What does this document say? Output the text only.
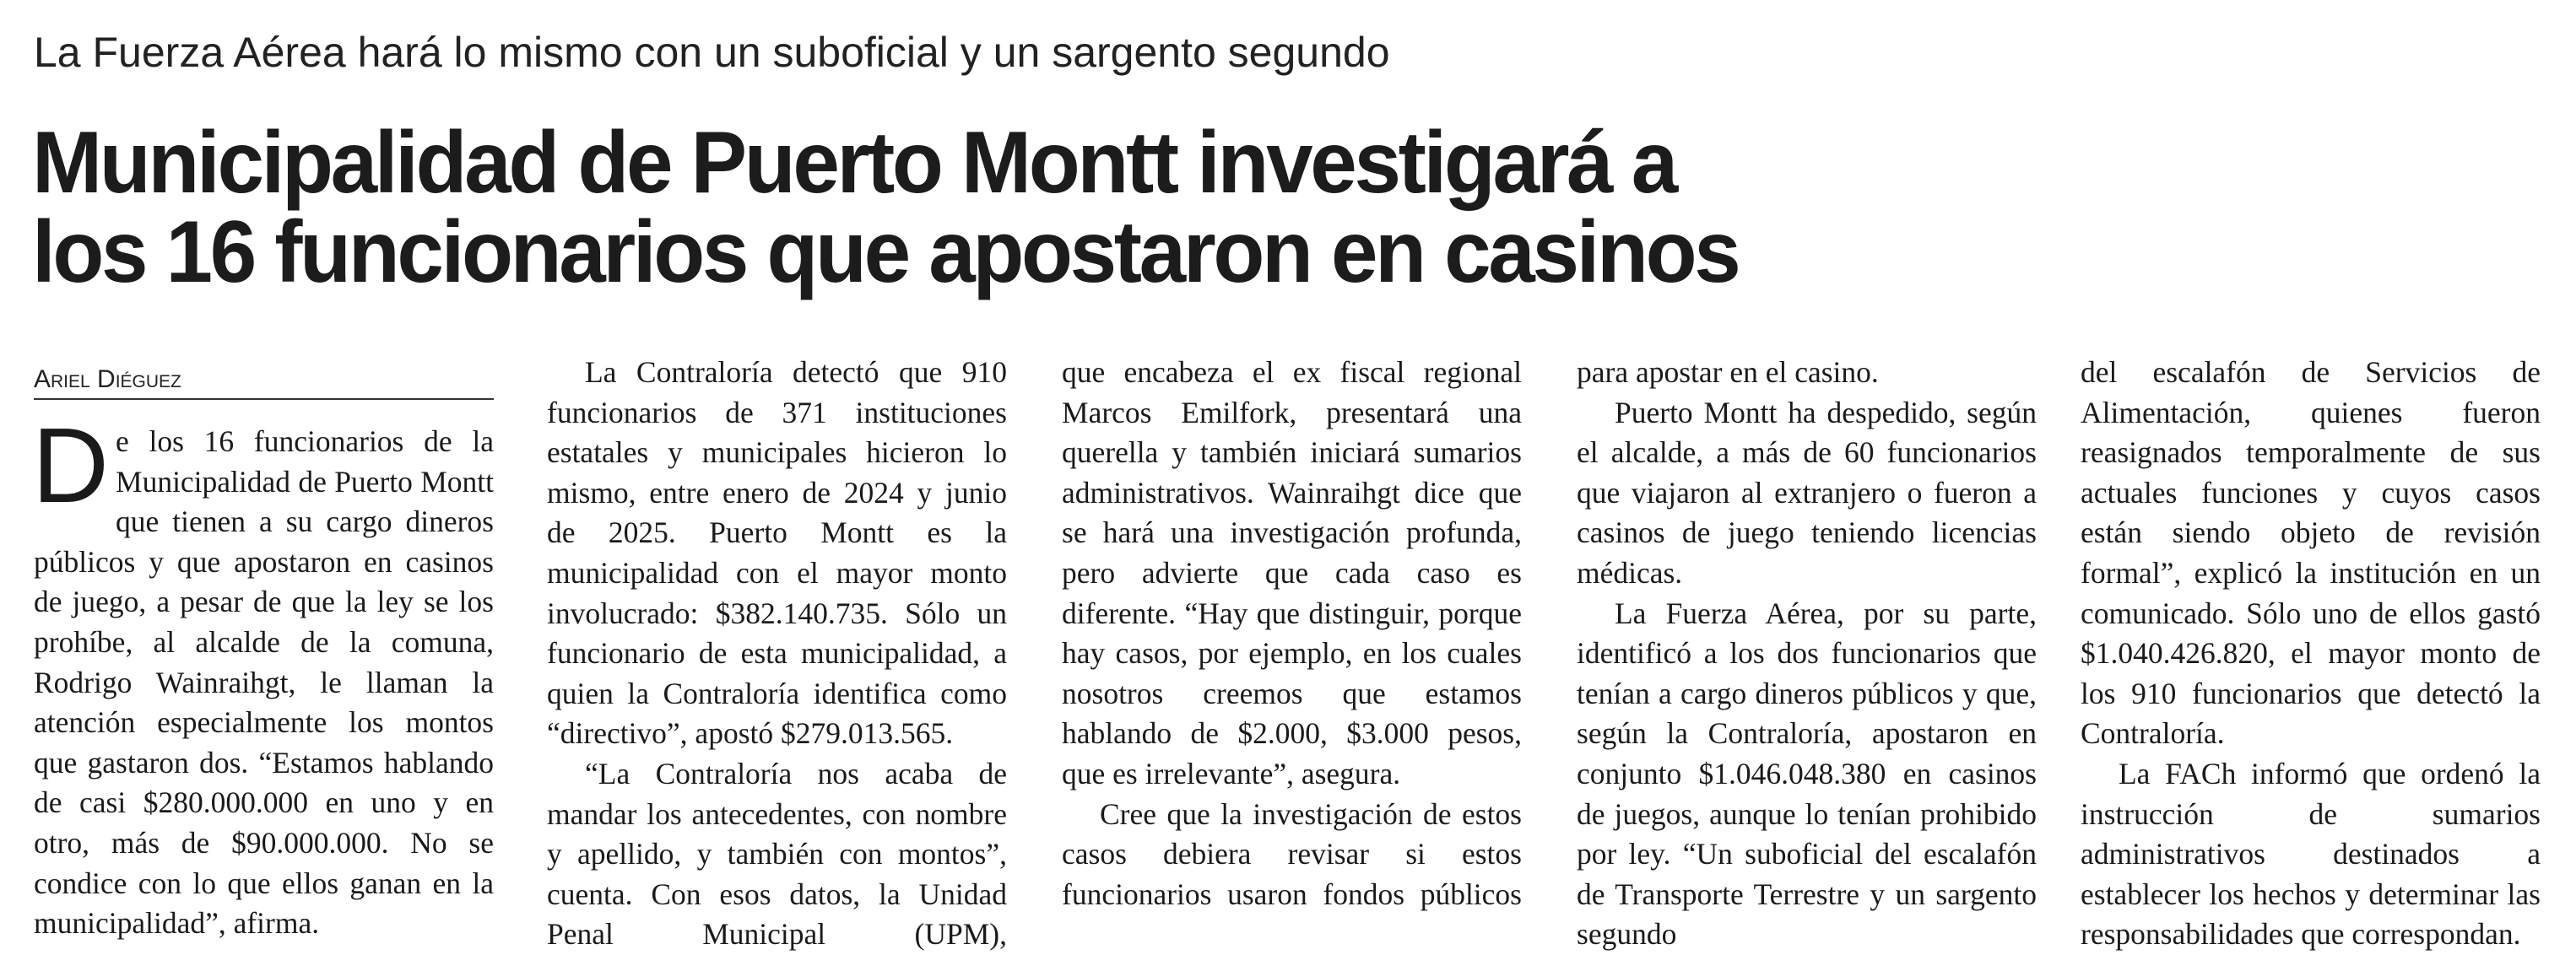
La Fuerza Aérea hará lo mismo con un suboficial y un sargento segundo
Municipalidad de Puerto Montt investigará a
los 16 funcionarios que apostaron en casinos
Ariel Diéguez

De los 16 funcionarios de la Municipalidad de Puerto Montt que tienen a su cargo dineros públicos y que apostaron en casinos de juego, a pesar de que la ley se los prohíbe, al alcalde de la comuna, Rodrigo Wainraihgt, le llaman la atención especialmente los montos que gastaron dos. “Estamos hablando de casi $280.000.000 en uno y en otro, más de $90.000.000. No se condice con lo que ellos ganan en la municipalidad”, afirma.

La Contraloría detectó que 910 funcionarios de 371 instituciones estatales y municipales hicieron lo mismo, entre enero de 2024 y junio de 2025. Puerto Montt es la municipalidad con el mayor monto involucrado: $382.140.735. Sólo un funcionario de esta municipalidad, a quien la Contraloría identifica como “directivo”, apostó $279.013.565.

“La Contraloría nos acaba de mandar los antecedentes, con nombre y apellido, y también con montos”, cuenta. Con esos datos, la Unidad Penal Municipal (UPM),

que encabeza el ex fiscal regional Marcos Emilfork, presentará una querella y también iniciará sumarios administrativos. Wainraihgt dice que se hará una investigación profunda, pero advierte que cada caso es diferente. “Hay que distinguir, porque hay casos, por ejemplo, en los cuales nosotros creemos que estamos hablando de $2.000, $3.000 pesos, que es irrelevante”, asegura.

Cree que la investigación de estos casos debiera revisar si estos funcionarios usaron fondos públicos

para apostar en el casino.

Puerto Montt ha despedido, según el alcalde, a más de 60 funcionarios que viajaron al extranjero o fueron a casinos de juego teniendo licencias médicas.

La Fuerza Aérea, por su parte, identificó a los dos funcionarios que tenían a cargo dineros públicos y que, según la Contraloría, apostaron en conjunto $1.046.048.380 en casinos de juegos, aunque lo tenían prohibido por ley. “Un suboficial del escalafón de Transporte Terrestre y un sargento segundo

del escalafón de Servicios de Alimentación, quienes fueron reasignados temporalmente de sus actuales funciones y cuyos casos están siendo objeto de revisión formal”, explicó la institución en un comunicado. Sólo uno de ellos gastó $1.040.426.820, el mayor monto de los 910 funcionarios que detectó la Contraloría.

La FACh informó que ordenó la instrucción de sumarios administrativos destinados a establecer los hechos y determinar las responsabilidades que correspondan.
